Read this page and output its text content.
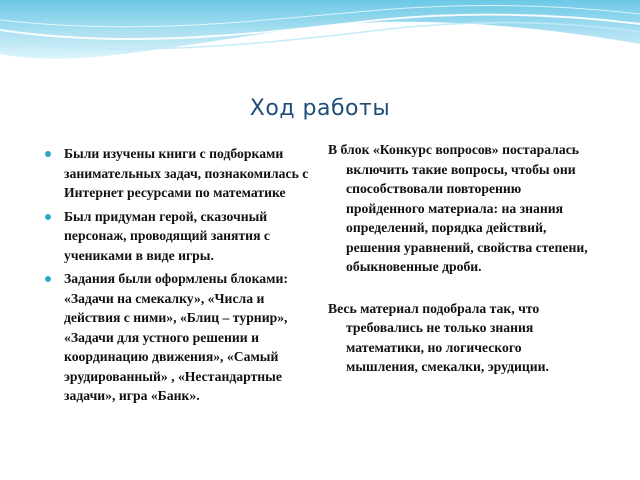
Ход работы
Были изучены книги с подборками занимательных задач, познакомилась с Интернет ресурсами по математике
Был придуман герой, сказочный персонаж, проводящий занятия с учениками в виде игры.
Задания были оформлены блоками: «Задачи на смекалку», «Числа и действия с ними», «Блиц – турнир», «Задачи для устного решении и координацию движения», «Самый эрудированный» , «Нестандартные задачи», игра «Банк».

В блок «Конкурс вопросов» постаралась включить такие вопросы, чтобы они способствовали повторению пройденного материала: на знания определений, порядка действий, решения уравнений, свойства степени, обыкновенные дроби.

Весь материал подобрала так, что требовались не только знания математики, но логического мышления, смекалки, эрудиции.
